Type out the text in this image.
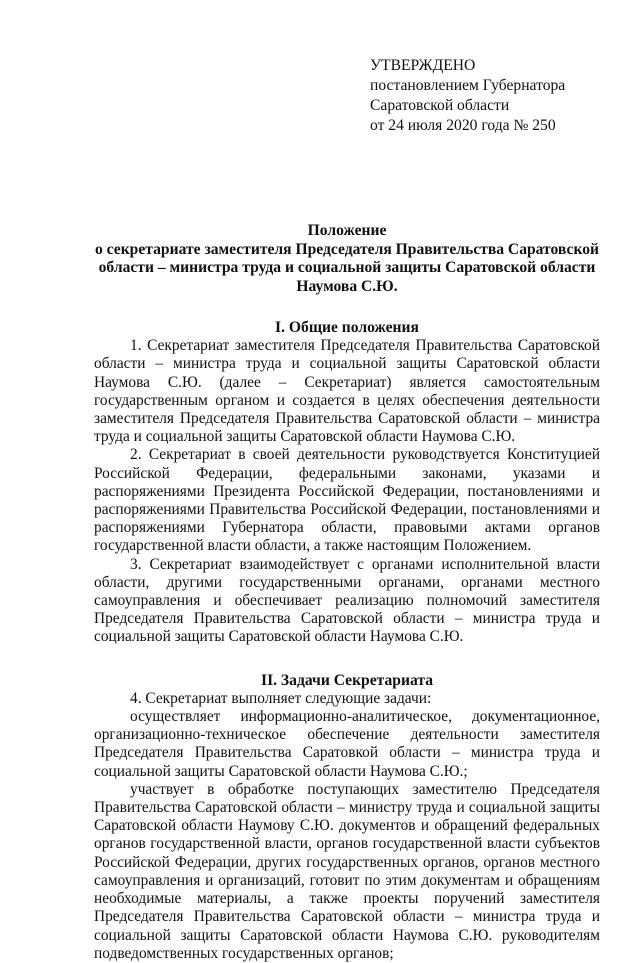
УТВЕРЖДЕНО
постановлением Губернатора
Саратовской области
от 24 июля 2020 года № 250
Положение
о секретариате заместителя Председателя Правительства Саратовской
области – министра труда и социальной защиты Саратовской области
Наумова С.Ю.
I. Общие положения

1. Секретариат заместителя Председателя Правительства Саратовской области – министра труда и социальной защиты Саратовской области Наумова С.Ю. (далее – Секретариат) является самостоятельным государственным органом и создается в целях обеспечения деятельности заместителя Председателя Правительства Саратовской области – министра труда и социальной защиты Саратовской области Наумова С.Ю.

2. Секретариат в своей деятельности руководствуется Конституцией Российской Федерации, федеральными законами, указами и распоряжениями Президента Российской Федерации, постановлениями и распоряжениями Правительства Российской Федерации, постановлениями и распоряжениями Губернатора области, правовыми актами органов государственной власти области, а также настоящим Положением.

3. Секретариат взаимодействует с органами исполнительной власти области, другими государственными органами, органами местного самоуправления и обеспечивает реализацию полномочий заместителя Председателя Правительства Саратовской области – министра труда и социальной защиты Саратовской области Наумова С.Ю.

II. Задачи Секретариата

4. Секретариат выполняет следующие задачи:

осуществляет информационно-аналитическое, документационное, организационно-техническое обеспечение деятельности заместителя Председателя Правительства Саратовкой области – министра труда и социальной защиты Саратовской области Наумова С.Ю.;

участвует в обработке поступающих заместителю Председателя Правительства Саратовской области – министру труда и социальной защиты Саратовской области Наумову С.Ю. документов и обращений федеральных органов государственной власти, органов государственной власти субъектов Российской Федерации, других государственных органов, органов местного самоуправления и организаций, готовит по этим документам и обращениям необходимые материалы, а также проекты поручений заместителя Председателя Правительства Саратовской области – министра труда и социальной защиты Саратовской области Наумова С.Ю. руководителям подведомственных государственных органов;
